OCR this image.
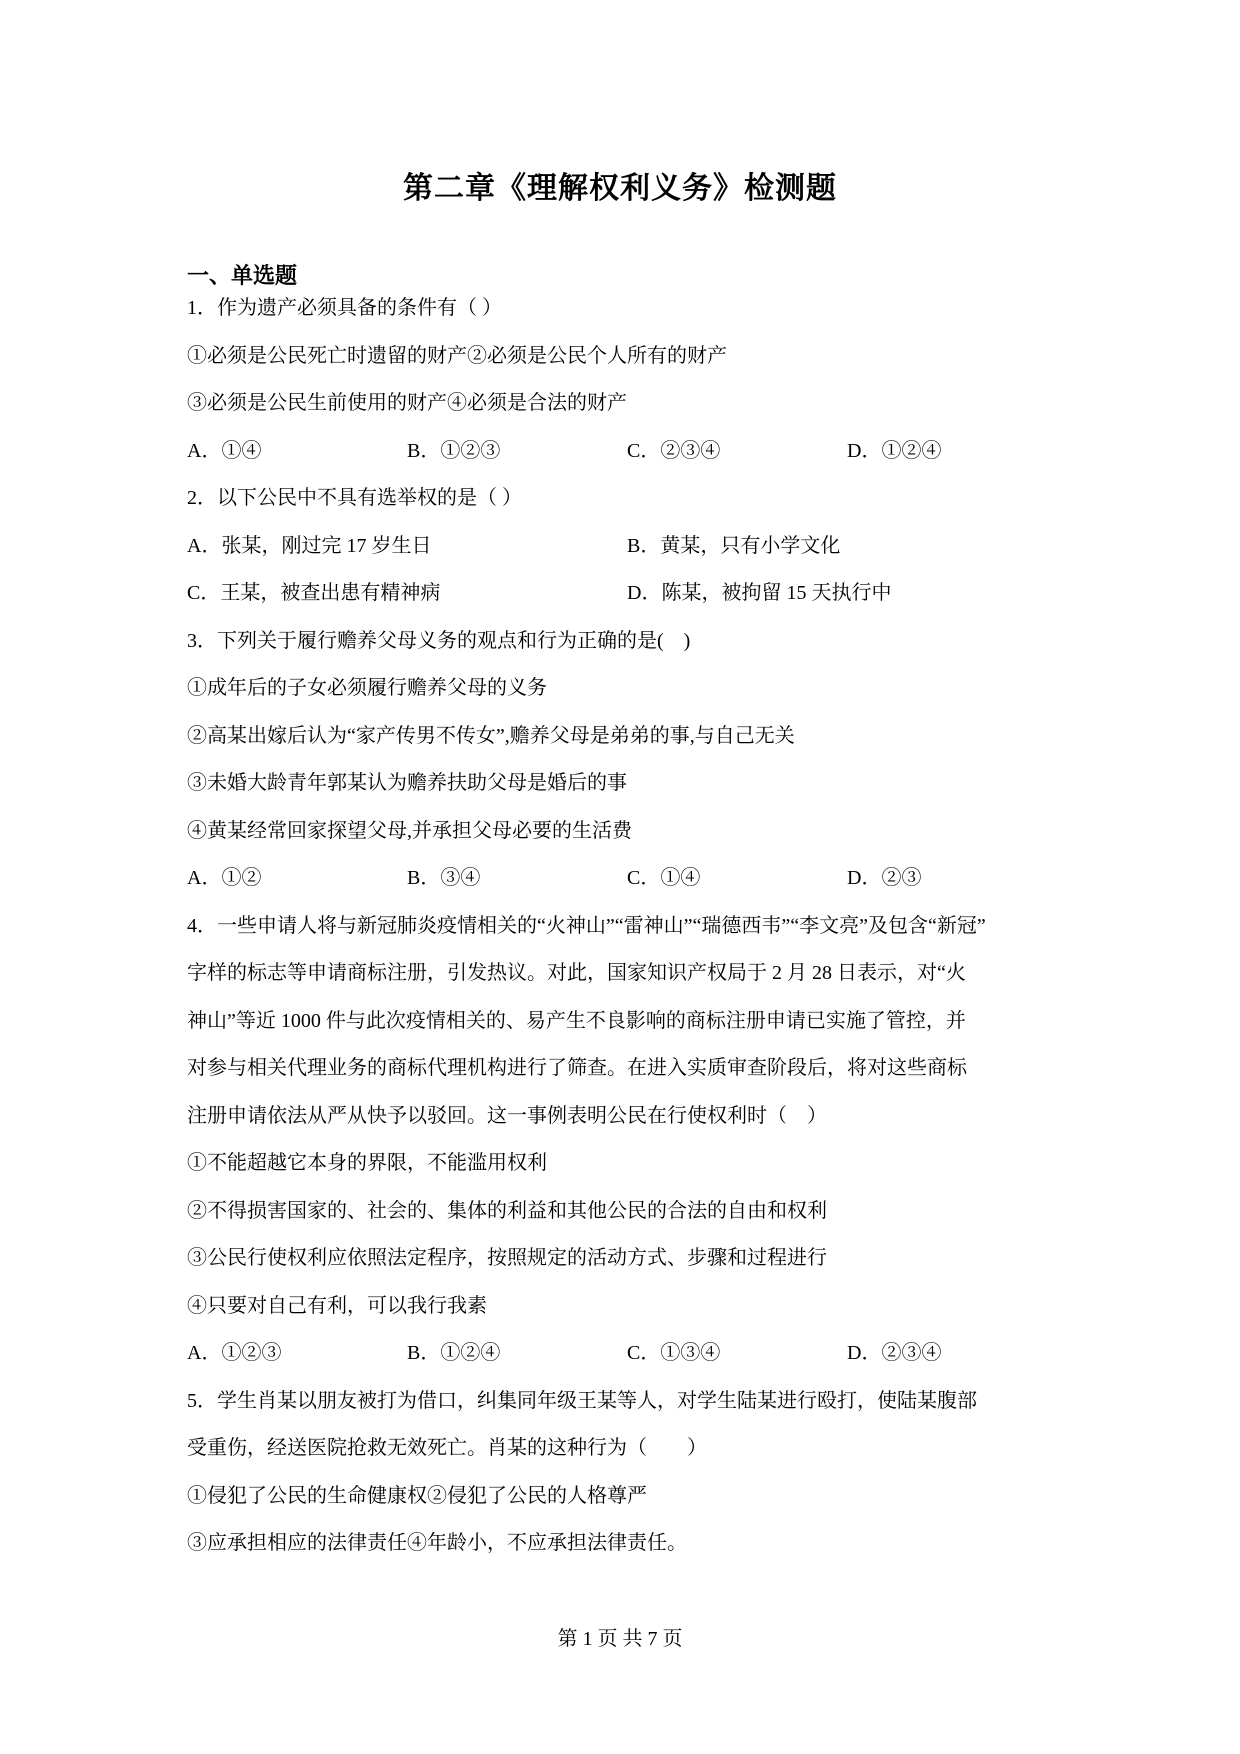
第二章《理解权利义务》检测题
一、单选题
1．作为遗产必须具备的条件有（ ）
①必须是公民死亡时遗留的财产②必须是公民个人所有的财产
③必须是公民生前使用的财产④必须是合法的财产
A．①④	B．①②③	C．②③④	D．①②④
2．以下公民中不具有选举权的是（ ）
A．张某，刚过完 17 岁生日	B．黄某，只有小学文化
C．王某，被查出患有精神病	D．陈某，被拘留 15 天执行中
3．下列关于履行赡养父母义务的观点和行为正确的是(　)
①成年后的子女必须履行赡养父母的义务
②高某出嫁后认为“家产传男不传女”,赡养父母是弟弟的事,与自己无关
③未婚大龄青年郭某认为赡养扶助父母是婚后的事
④黄某经常回家探望父母,并承担父母必要的生活费
A．①②	B．③④	C．①④	D．②③
4．一些申请人将与新冠肺炎疫情相关的“火神山”“雷神山”“瑞德西韦”“李文亮”及包含“新冠”
字样的标志等申请商标注册，引发热议。对此，国家知识产权局于 2 月 28 日表示，对“火
神山”等近 1000 件与此次疫情相关的、易产生不良影响的商标注册申请已实施了管控，并
对参与相关代理业务的商标代理机构进行了筛查。在进入实质审查阶段后，将对这些商标
注册申请依法从严从快予以驳回。这一事例表明公民在行使权利时（　）
①不能超越它本身的界限，不能滥用权利
②不得损害国家的、社会的、集体的利益和其他公民的合法的自由和权利
③公民行使权利应依照法定程序，按照规定的活动方式、步骤和过程进行
④只要对自己有利，可以我行我素
A．①②③	B．①②④	C．①③④	D．②③④
5．学生肖某以朋友被打为借口，纠集同年级王某等人，对学生陆某进行殴打，使陆某腹部
受重伤，经送医院抢救无效死亡。肖某的这种行为（　　）
①侵犯了公民的生命健康权②侵犯了公民的人格尊严
③应承担相应的法律责任④年龄小，不应承担法律责任。
第 1 页 共 7 页
